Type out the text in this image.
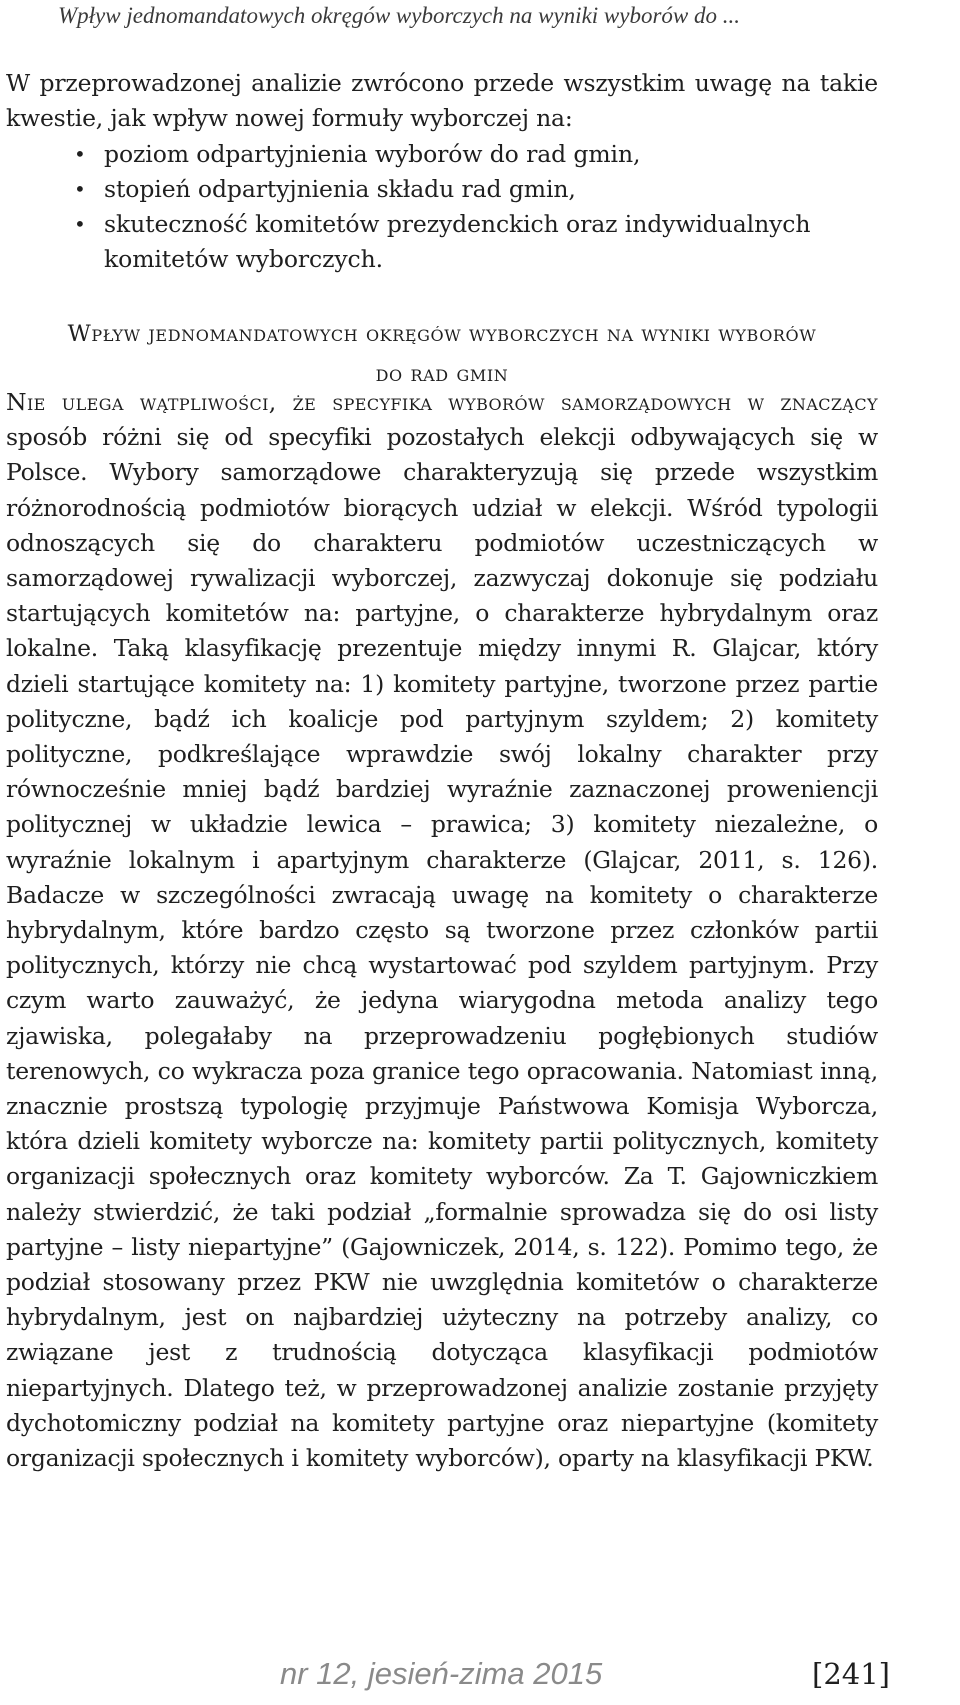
Wpływ jednomandatowych okręgów wyborczych na wyniki wyborów do ...

W przeprowadzonej analizie zwrócono przede wszystkim uwagę na takie kwestie, jak wpływ nowej formuły wyborczej na:

• poziom odpartyjnienia wyborów do rad gmin,
• stopień odpartyjnienia składu rad gmin,
• skuteczność komitetów prezydenckich oraz indywidualnych komitetów wyborczych.
Wpływ jednomandatowych okręgów wyborczych na wyniki wyborów
do rad gmin

Nie ulega wątpliwości, że specyfika wyborów samorządowych w znaczący sposób różni się od specyfiki pozostałych elekcji odbywających się w Polsce. Wybory samorządowe charakteryzują się przede wszystkim różnorodnością podmiotów biorących udział w elekcji. Wśród typologii odnoszących się do charakteru podmiotów uczestniczących w samorządowej rywalizacji wyborczej, zazwyczaj dokonuje się podziału startujących komitetów na: partyjne, o charakterze hybrydalnym oraz lokalne. Taką klasyfikację prezentuje między innymi R. Glajcar, który dzieli startujące komitety na: 1) komitety partyjne, tworzone przez partie polityczne, bądź ich koalicje pod partyjnym szyldem; 2) komitety polityczne, podkreślające wprawdzie swój lokalny charakter przy równocześnie mniej bądź bardziej wyraźnie zaznaczonej proweniencji politycznej w układzie lewica – prawica; 3) komitety niezależne, o wyraźnie lokalnym i apartyjnym charakterze (Glajcar, 2011, s. 126). Badacze w szczególności zwracają uwagę na komitety o charakterze hybrydalnym, które bardzo często są tworzone przez członków partii politycznych, którzy nie chcą wystartować pod szyldem partyjnym. Przy czym warto zauważyć, że jedyna wiarygodna metoda analizy tego zjawiska, polegałaby na przeprowadzeniu pogłębionych studiów terenowych, co wykracza poza granice tego opracowania. Natomiast inną, znacznie prostszą typologię przyjmuje Państwowa Komisja Wyborcza, która dzieli komitety wyborcze na: komitety partii politycznych, komitety organizacji społecznych oraz komitety wyborców. Za T. Gajowniczkiem należy stwierdzić, że taki podział „formalnie sprowadza się do osi listy partyjne – listy niepartyjne” (Gajowniczek, 2014, s. 122). Pomimo tego, że podział stosowany przez PKW nie uwzględnia komitetów o charakterze hybrydalnym, jest on najbardziej użyteczny na potrzeby analizy, co związane jest z trudnością dotycząca klasyfikacji podmiotów niepartyjnych. Dlatego też, w przeprowadzonej analizie zostanie przyjęty dychotomiczny podział na komitety partyjne oraz niepartyjne (komitety organizacji społecznych i komitety wyborców), oparty na klasyfikacji PKW.

nr 12, jesień-zima 2015	[241]
